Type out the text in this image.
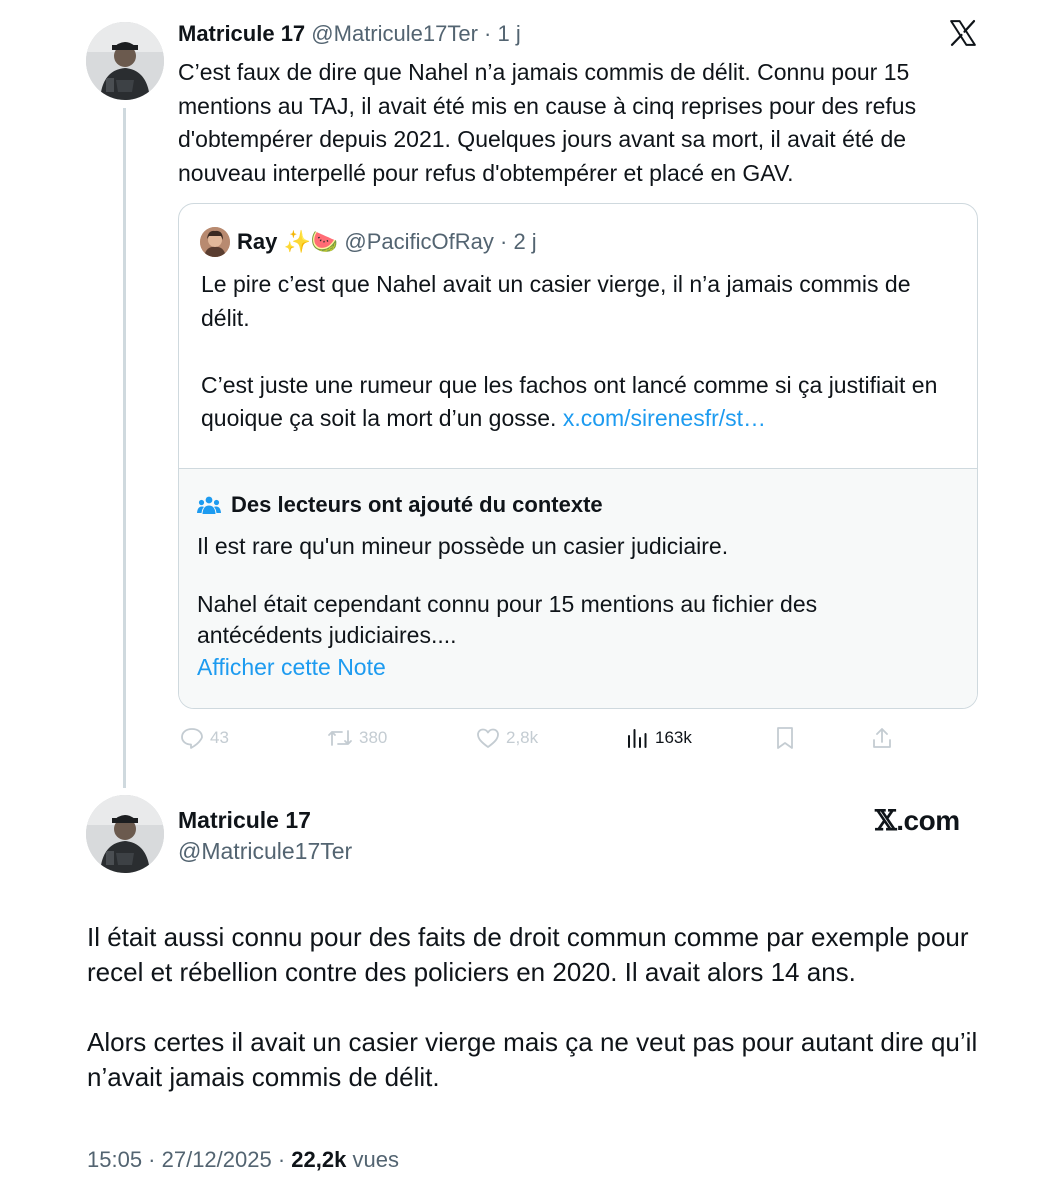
Matricule 17 @Matricule17Ter · 1 j
C’est faux de dire que Nahel n’a jamais commis de délit. Connu pour 15 mentions au TAJ, il avait été mis en cause à cinq reprises pour des refus d'obtempérer depuis 2021. Quelques jours avant sa mort, il avait été de nouveau interpellé pour refus d'obtempérer et placé en GAV.
Ray ✨🍉 @PacificOfRay · 2 j

Le pire c’est que Nahel avait un casier vierge, il n’a jamais commis de délit.

C’est juste une rumeur que les fachos ont lancé comme si ça justifiait en quoique ça soit la mort d’un gosse. x.com/sirenesfr/st…

Des lecteurs ont ajouté du contexte

Il est rare qu'un mineur possède un casier judiciaire.

Nahel était cependant connu pour 15 mentions au fichier des antécédents judiciaires....

Afficher cette Note
43	380	2,8k	163k
Matricule 17
@Matricule17Ter
𝕏.com

Il était aussi connu pour des faits de droit commun comme par exemple pour recel et rébellion contre des policiers en 2020. Il avait alors 14 ans.

Alors certes il avait un casier vierge mais ça ne veut pas pour autant dire qu’il n’avait jamais commis de délit.

15:05 · 27/12/2025 · 22,2k vues
